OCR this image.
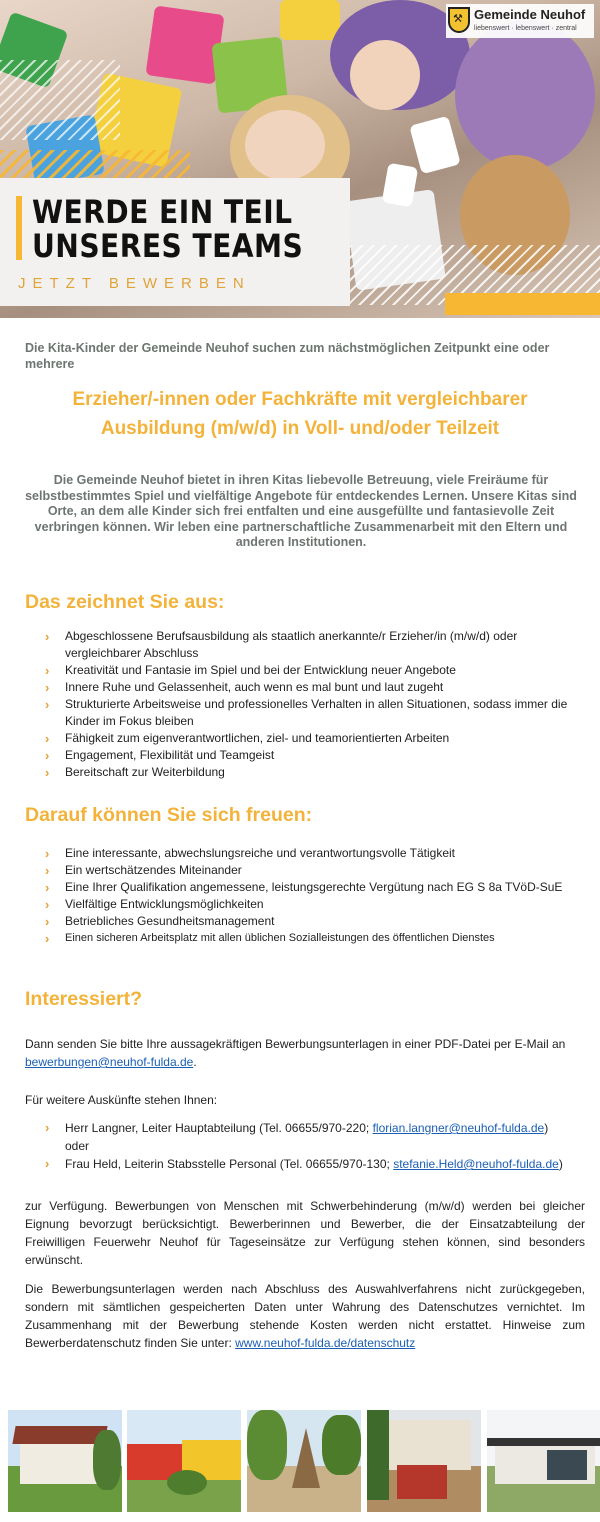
WERDE EIN TEIL
UNSERES TEAMS
JETZT BEWERBEN
⚒ Gemeinde Neuhof
liebenswert · lebenswert · zentral
Die Kita-Kinder der Gemeinde Neuhof suchen zum nächstmöglichen Zeitpunkt eine oder mehrere
Erzieher/-innen oder Fachkräfte mit vergleichbarer Ausbildung (m/w/d) in Voll- und/oder Teilzeit
Die Gemeinde Neuhof bietet in ihren Kitas liebevolle Betreuung, viele Freiräume für selbstbestimmtes Spiel und vielfältige Angebote für entdeckendes Lernen. Unsere Kitas sind Orte, an dem alle Kinder sich frei entfalten und eine ausgefüllte und fantasievolle Zeit verbringen können. Wir leben eine partnerschaftliche Zusammenarbeit mit den Eltern und anderen Institutionen.
Das zeichnet Sie aus:
› Abgeschlossene Berufsausbildung als staatlich anerkannte/r Erzieher/in (m/w/d) oder vergleichbarer Abschluss
› Kreativität und Fantasie im Spiel und bei der Entwicklung neuer Angebote
› Innere Ruhe und Gelassenheit, auch wenn es mal bunt und laut zugeht
› Strukturierte Arbeitsweise und professionelles Verhalten in allen Situationen, sodass immer die Kinder im Fokus bleiben
› Fähigkeit zum eigenverantwortlichen, ziel- und teamorientierten Arbeiten
› Engagement, Flexibilität und Teamgeist
› Bereitschaft zur Weiterbildung
Darauf können Sie sich freuen:
› Eine interessante, abwechslungsreiche und verantwortungsvolle Tätigkeit
› Ein wertschätzendes Miteinander
› Eine Ihrer Qualifikation angemessene, leistungsgerechte Vergütung nach EG S 8a TVöD-SuE
› Vielfältige Entwicklungsmöglichkeiten
› Betriebliches Gesundheitsmanagement
› Einen sicheren Arbeitsplatz mit allen üblichen Sozialleistungen des öffentlichen Dienstes
Interessiert?
Dann senden Sie bitte Ihre aussagekräftigen Bewerbungsunterlagen in einer PDF-Datei per E-Mail an bewerbungen@neuhof-fulda.de.
Für weitere Auskünfte stehen Ihnen:
› Herr Langner, Leiter Hauptabteilung (Tel. 06655/970-220; florian.langner@neuhof-fulda.de)
oder
› Frau Held, Leiterin Stabsstelle Personal (Tel. 06655/970-130; stefanie.Held@neuhof-fulda.de)
zur Verfügung. Bewerbungen von Menschen mit Schwerbehinderung (m/w/d) werden bei gleicher Eignung bevorzugt berücksichtigt. Bewerberinnen und Bewerber, die der Einsatzabteilung der Freiwilligen Feuerwehr Neuhof für Tageseinsätze zur Verfügung stehen können, sind besonders erwünscht.
Die Bewerbungsunterlagen werden nach Abschluss des Auswahlverfahrens nicht zurückgegeben, sondern mit sämtlichen gespeicherten Daten unter Wahrung des Datenschutzes vernichtet. Im Zusammenhang mit der Bewerbung stehende Kosten werden nicht erstattet. Hinweise zum Bewerberdatenschutz finden Sie unter: www.neuhof-fulda.de/datenschutz
